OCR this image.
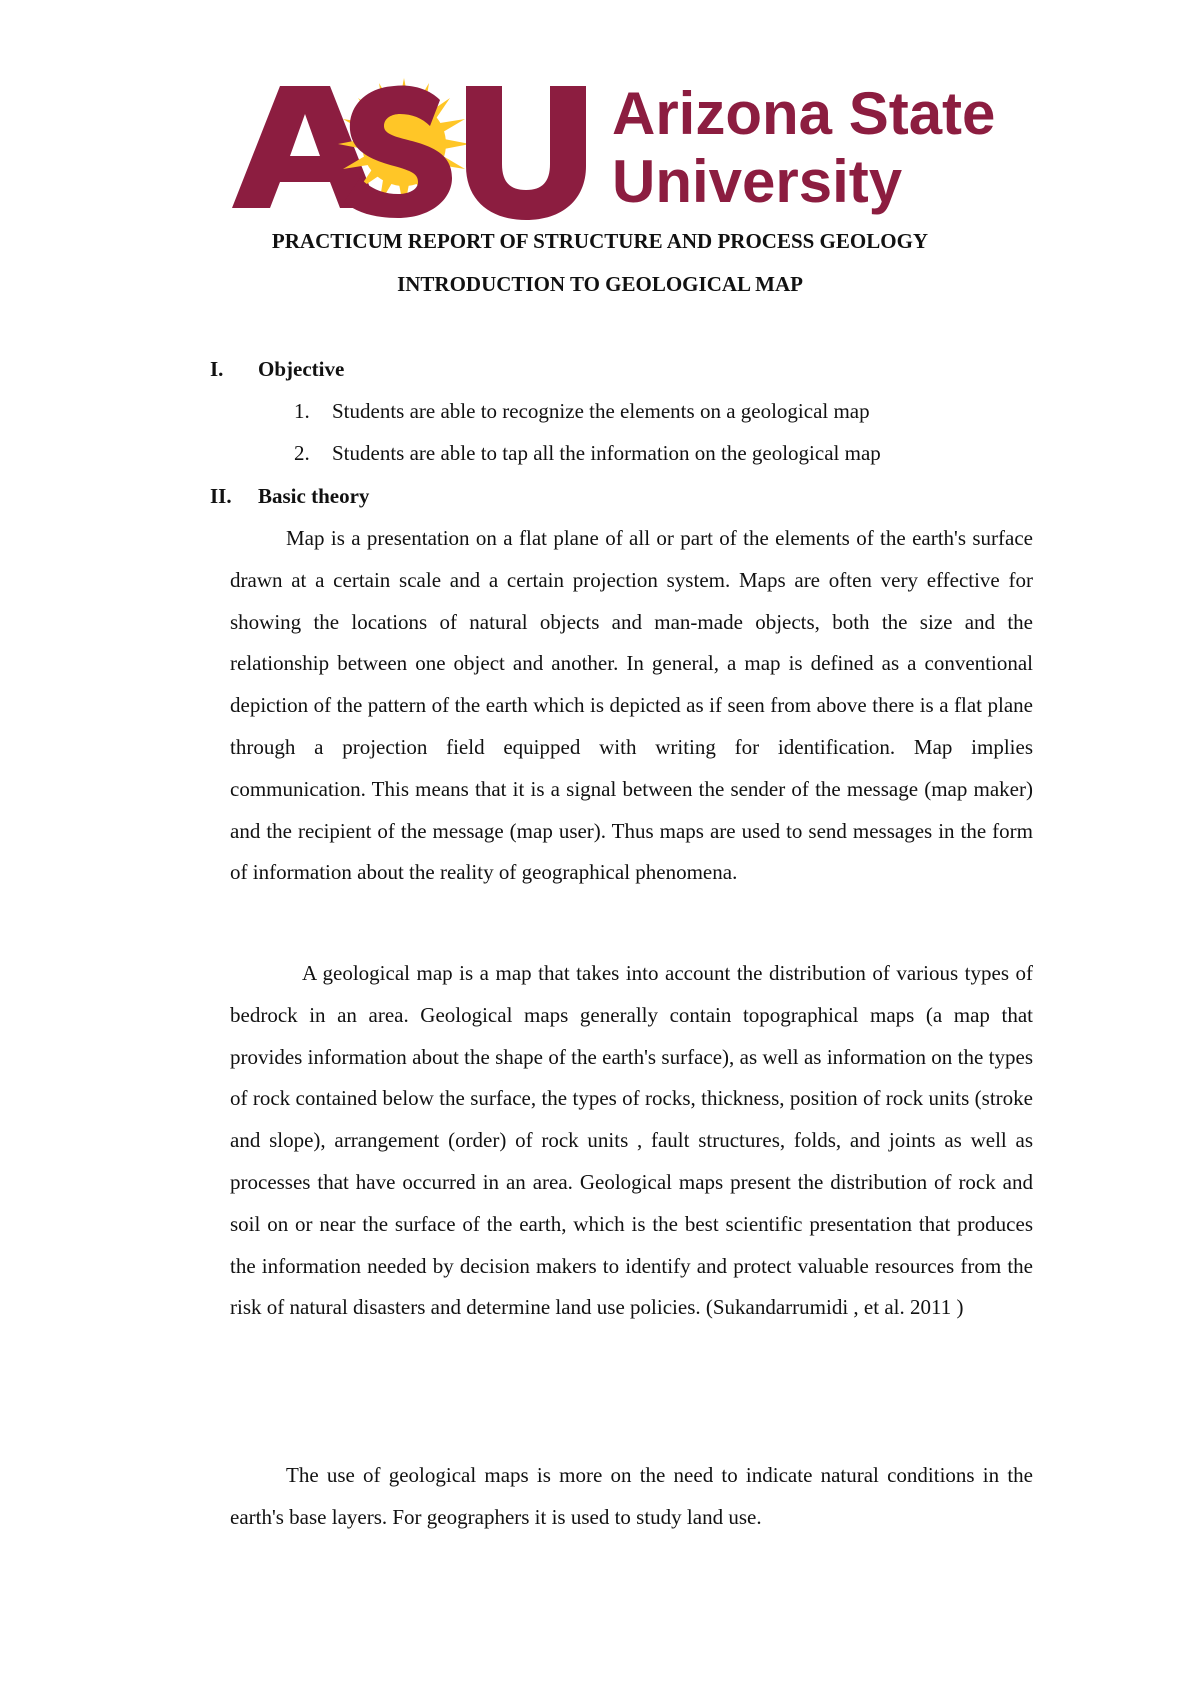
Arizona State
University
PRACTICUM REPORT OF STRUCTURE AND PROCESS GEOLOGY
INTRODUCTION TO GEOLOGICAL MAP
I. Objective
1. Students are able to recognize the elements on a geological map
2. Students are able to tap all the information on the geological map
II. Basic theory

Map is a presentation on a flat plane of all or part of the elements of the earth's surface drawn at a certain scale and a certain projection system. Maps are often very effective for showing the locations of natural objects and man-made objects, both the size and the relationship between one object and another. In general, a map is defined as a conventional depiction of the pattern of the earth which is depicted as if seen from above there is a flat plane through a projection field equipped with writing for identification. Map implies communication. This means that it is a signal between the sender of the message (map maker) and the recipient of the message (map user). Thus maps are used to send messages in the form of information about the reality of geographical phenomena.

A geological map is a map that takes into account the distribution of various types of bedrock in an area. Geological maps generally contain topographical maps (a map that provides information about the shape of the earth's surface), as well as information on the types of rock contained below the surface, the types of rocks, thickness, position of rock units (stroke and slope), arrangement (order) of rock units , fault structures, folds, and joints as well as processes that have occurred in an area. Geological maps present the distribution of rock and soil on or near the surface of the earth, which is the best scientific presentation that produces the information needed by decision makers to identify and protect valuable resources from the risk of natural disasters and determine land use policies. (Sukandarrumidi , et al. 2011 )

The use of geological maps is more on the need to indicate natural conditions in the earth's base layers. For geographers it is used to study land use.
